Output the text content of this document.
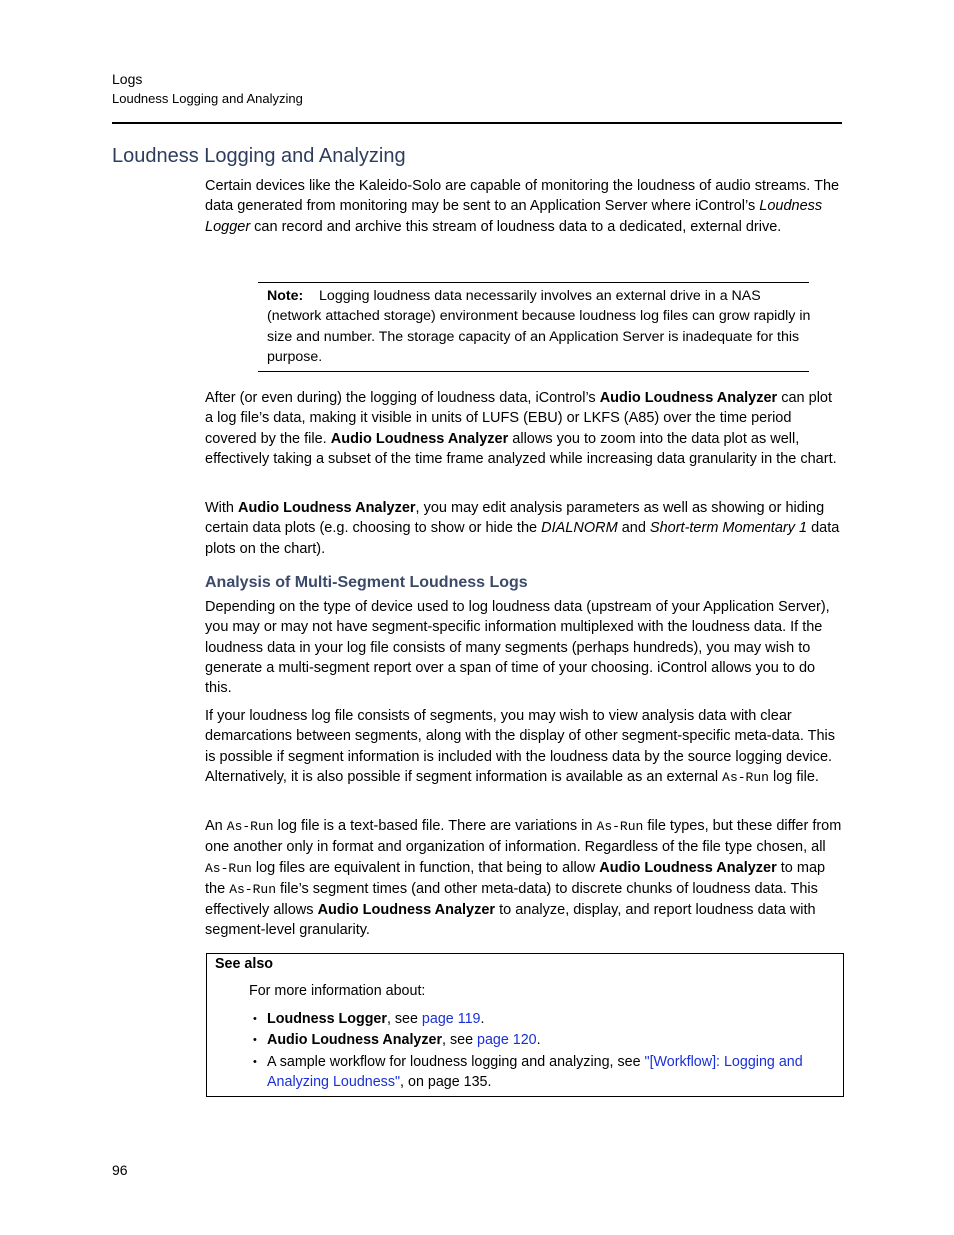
Logs
Loudness Logging and Analyzing
Loudness Logging and Analyzing

Certain devices like the Kaleido-Solo are capable of monitoring the loudness of audio streams. The data generated from monitoring may be sent to an Application Server where iControl’s Loudness Logger can record and archive this stream of loudness data to a dedicated, external drive.

Note: Logging loudness data necessarily involves an external drive in a NAS (network attached storage) environment because loudness log files can grow rapidly in size and number. The storage capacity of an Application Server is inadequate for this purpose.

After (or even during) the logging of loudness data, iControl’s Audio Loudness Analyzer can plot a log file’s data, making it visible in units of LUFS (EBU) or LKFS (A85) over the time period covered by the file. Audio Loudness Analyzer allows you to zoom into the data plot as well, effectively taking a subset of the time frame analyzed while increasing data granularity in the chart.

With Audio Loudness Analyzer, you may edit analysis parameters as well as showing or hiding certain data plots (e.g. choosing to show or hide the DIALNORM and Short-term Momentary 1 data plots on the chart).

Analysis of Multi-Segment Loudness Logs

Depending on the type of device used to log loudness data (upstream of your Application Server), you may or may not have segment-specific information multiplexed with the loudness data. If the loudness data in your log file consists of many segments (perhaps hundreds), you may wish to generate a multi-segment report over a span of time of your choosing. iControl allows you to do this.

If your loudness log file consists of segments, you may wish to view analysis data with clear demarcations between segments, along with the display of other segment-specific meta-data. This is possible if segment information is included with the loudness data by the source logging device. Alternatively, it is also possible if segment information is available as an external As-Run log file.

An As-Run log file is a text-based file. There are variations in As-Run file types, but these differ from one another only in format and organization of information. Regardless of the file type chosen, all As-Run log files are equivalent in function, that being to allow Audio Loudness Analyzer to map the As-Run file’s segment times (and other meta-data) to discrete chunks of loudness data. This effectively allows Audio Loudness Analyzer to analyze, display, and report loudness data with segment-level granularity.

See also
For more information about:
• Loudness Logger, see page 119.
• Audio Loudness Analyzer, see page 120.
• A sample workflow for loudness logging and analyzing, see "[Workflow]: Logging and Analyzing Loudness", on page 135.
96
